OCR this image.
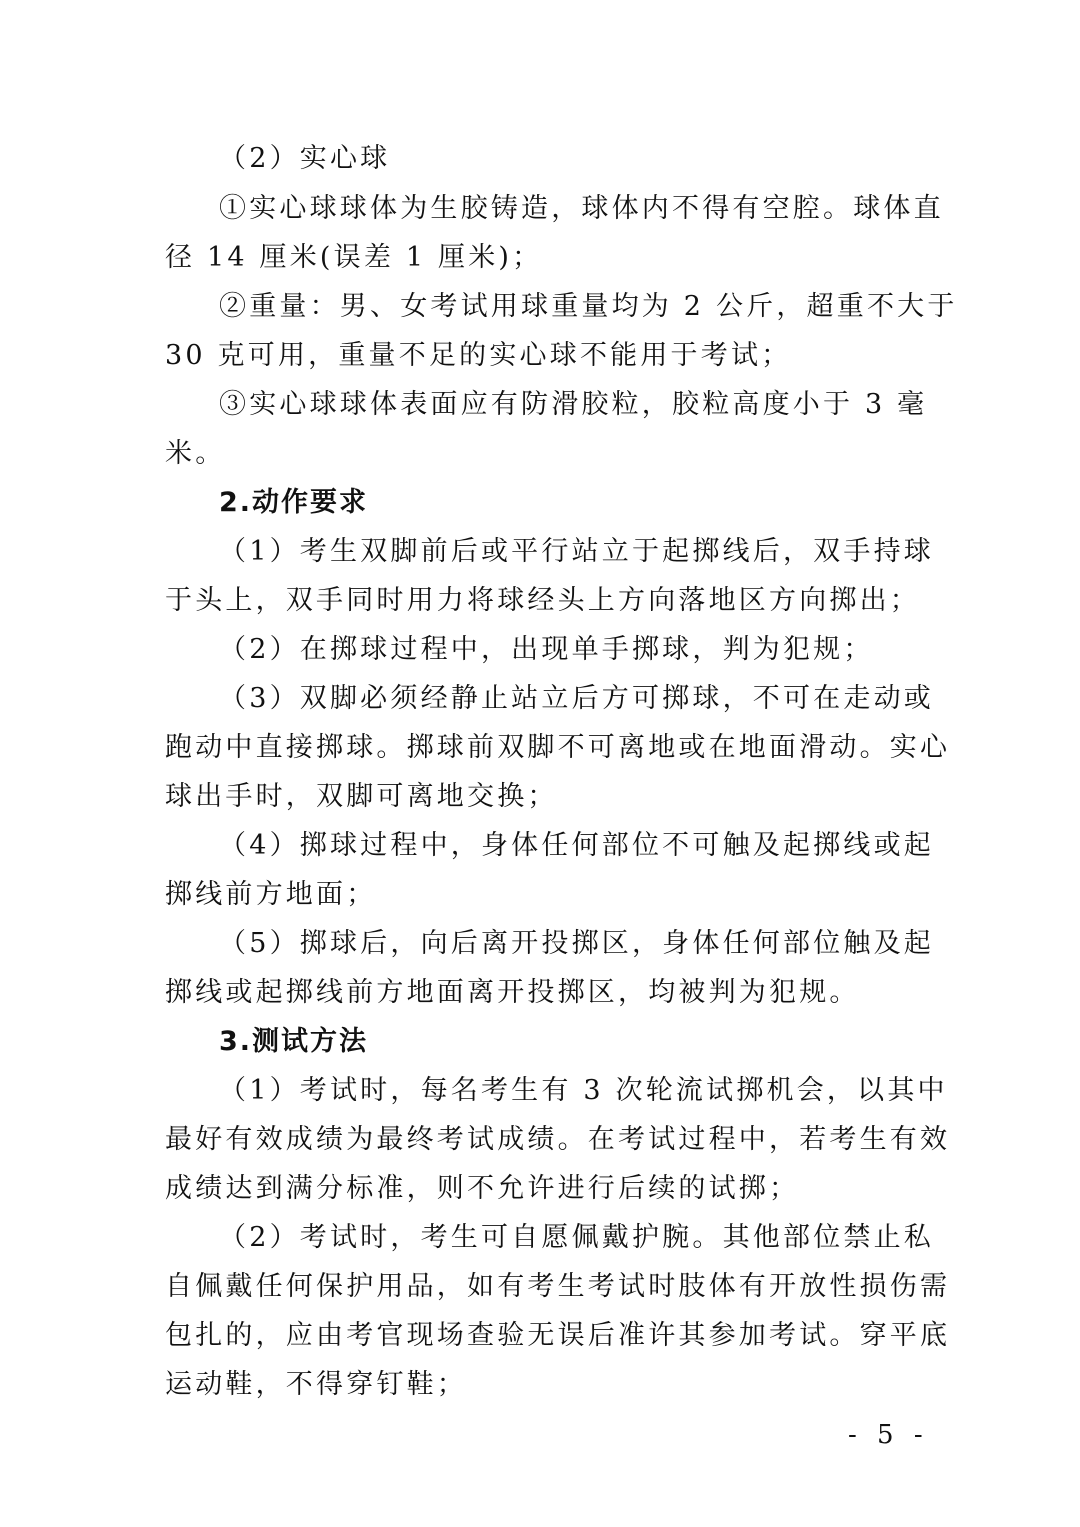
（2）实心球
①实心球球体为生胶铸造，球体内不得有空腔。球体直
径 14 厘米(误差 1 厘米)；
②重量：男、女考试用球重量均为 2 公斤，超重不大于
30 克可用，重量不足的实心球不能用于考试；
③实心球球体表面应有防滑胶粒，胶粒高度小于 3 毫
米。
2.动作要求
（1）考生双脚前后或平行站立于起掷线后，双手持球
于头上，双手同时用力将球经头上方向落地区方向掷出；
（2）在掷球过程中，出现单手掷球，判为犯规；
（3）双脚必须经静止站立后方可掷球，不可在走动或
跑动中直接掷球。掷球前双脚不可离地或在地面滑动。实心
球出手时，双脚可离地交换；
（4）掷球过程中，身体任何部位不可触及起掷线或起
掷线前方地面；
（5）掷球后，向后离开投掷区，身体任何部位触及起
掷线或起掷线前方地面离开投掷区，均被判为犯规。
3.测试方法
（1）考试时，每名考生有 3 次轮流试掷机会，以其中
最好有效成绩为最终考试成绩。在考试过程中，若考生有效
成绩达到满分标准，则不允许进行后续的试掷；
（2）考试时，考生可自愿佩戴护腕。其他部位禁止私
自佩戴任何保护用品，如有考生考试时肢体有开放性损伤需
包扎的，应由考官现场查验无误后准许其参加考试。穿平底
运动鞋，不得穿钉鞋；
- 5 -
